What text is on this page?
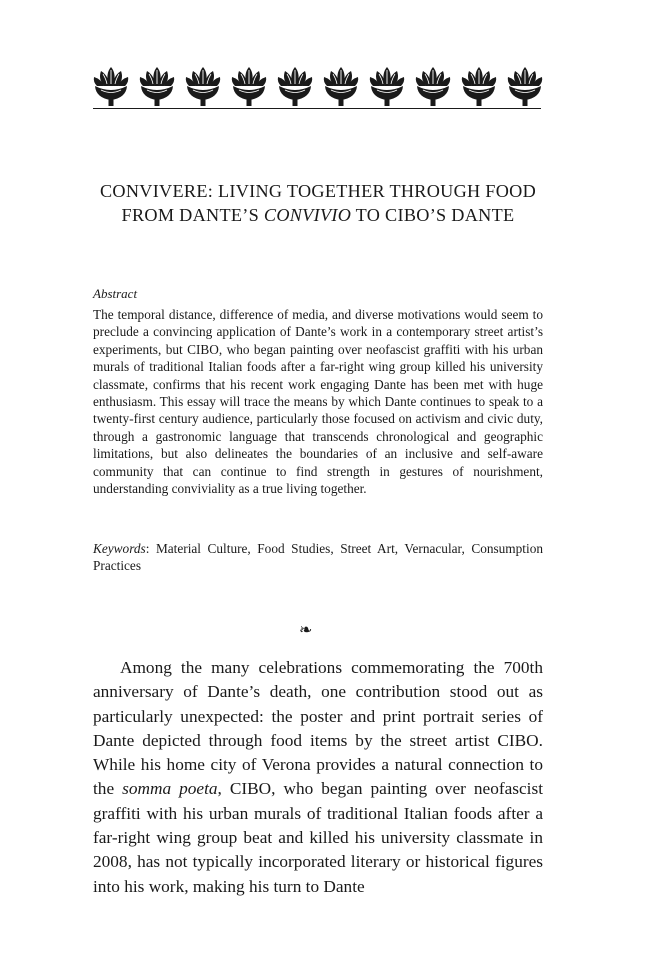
CONVIVERE: LIVING TOGETHER THROUGH FOOD
FROM DANTE’S CONVIVIO TO CIBO’S DANTE

Abstract

The temporal distance, difference of media, and diverse motivations would seem to preclude a convincing application of Dante’s work in a contemporary street artist’s experiments, but CIBO, who began painting over neofascist graffiti with his urban murals of traditional Italian foods after a far-right wing group killed his university classmate, confirms that his recent work engaging Dante has been met with huge enthusiasm. This essay will trace the means by which Dante continues to speak to a twenty-first century audience, particularly those focused on activism and civic duty, through a gastronomic language that transcends chronological and geographic limitations, but also delineates the boundaries of an inclusive and self-aware community that can continue to find strength in gestures of nourishment, understanding conviviality as a true living together.

Keywords: Material Culture, Food Studies, Street Art, Vernacular, Consumption Practices

❧

Among the many celebrations commemorating the 700th anniversary of Dante’s death, one contribution stood out as particularly unexpected: the poster and print portrait series of Dante depicted through food items by the street artist CIBO. While his home city of Verona provides a natural connection to the somma poeta, CIBO, who began painting over neofascist graffiti with his urban murals of traditional Italian foods after a far-right wing group beat and killed his university classmate in 2008, has not typically incorporated literary or historical figures into his work, making his turn to Dante
